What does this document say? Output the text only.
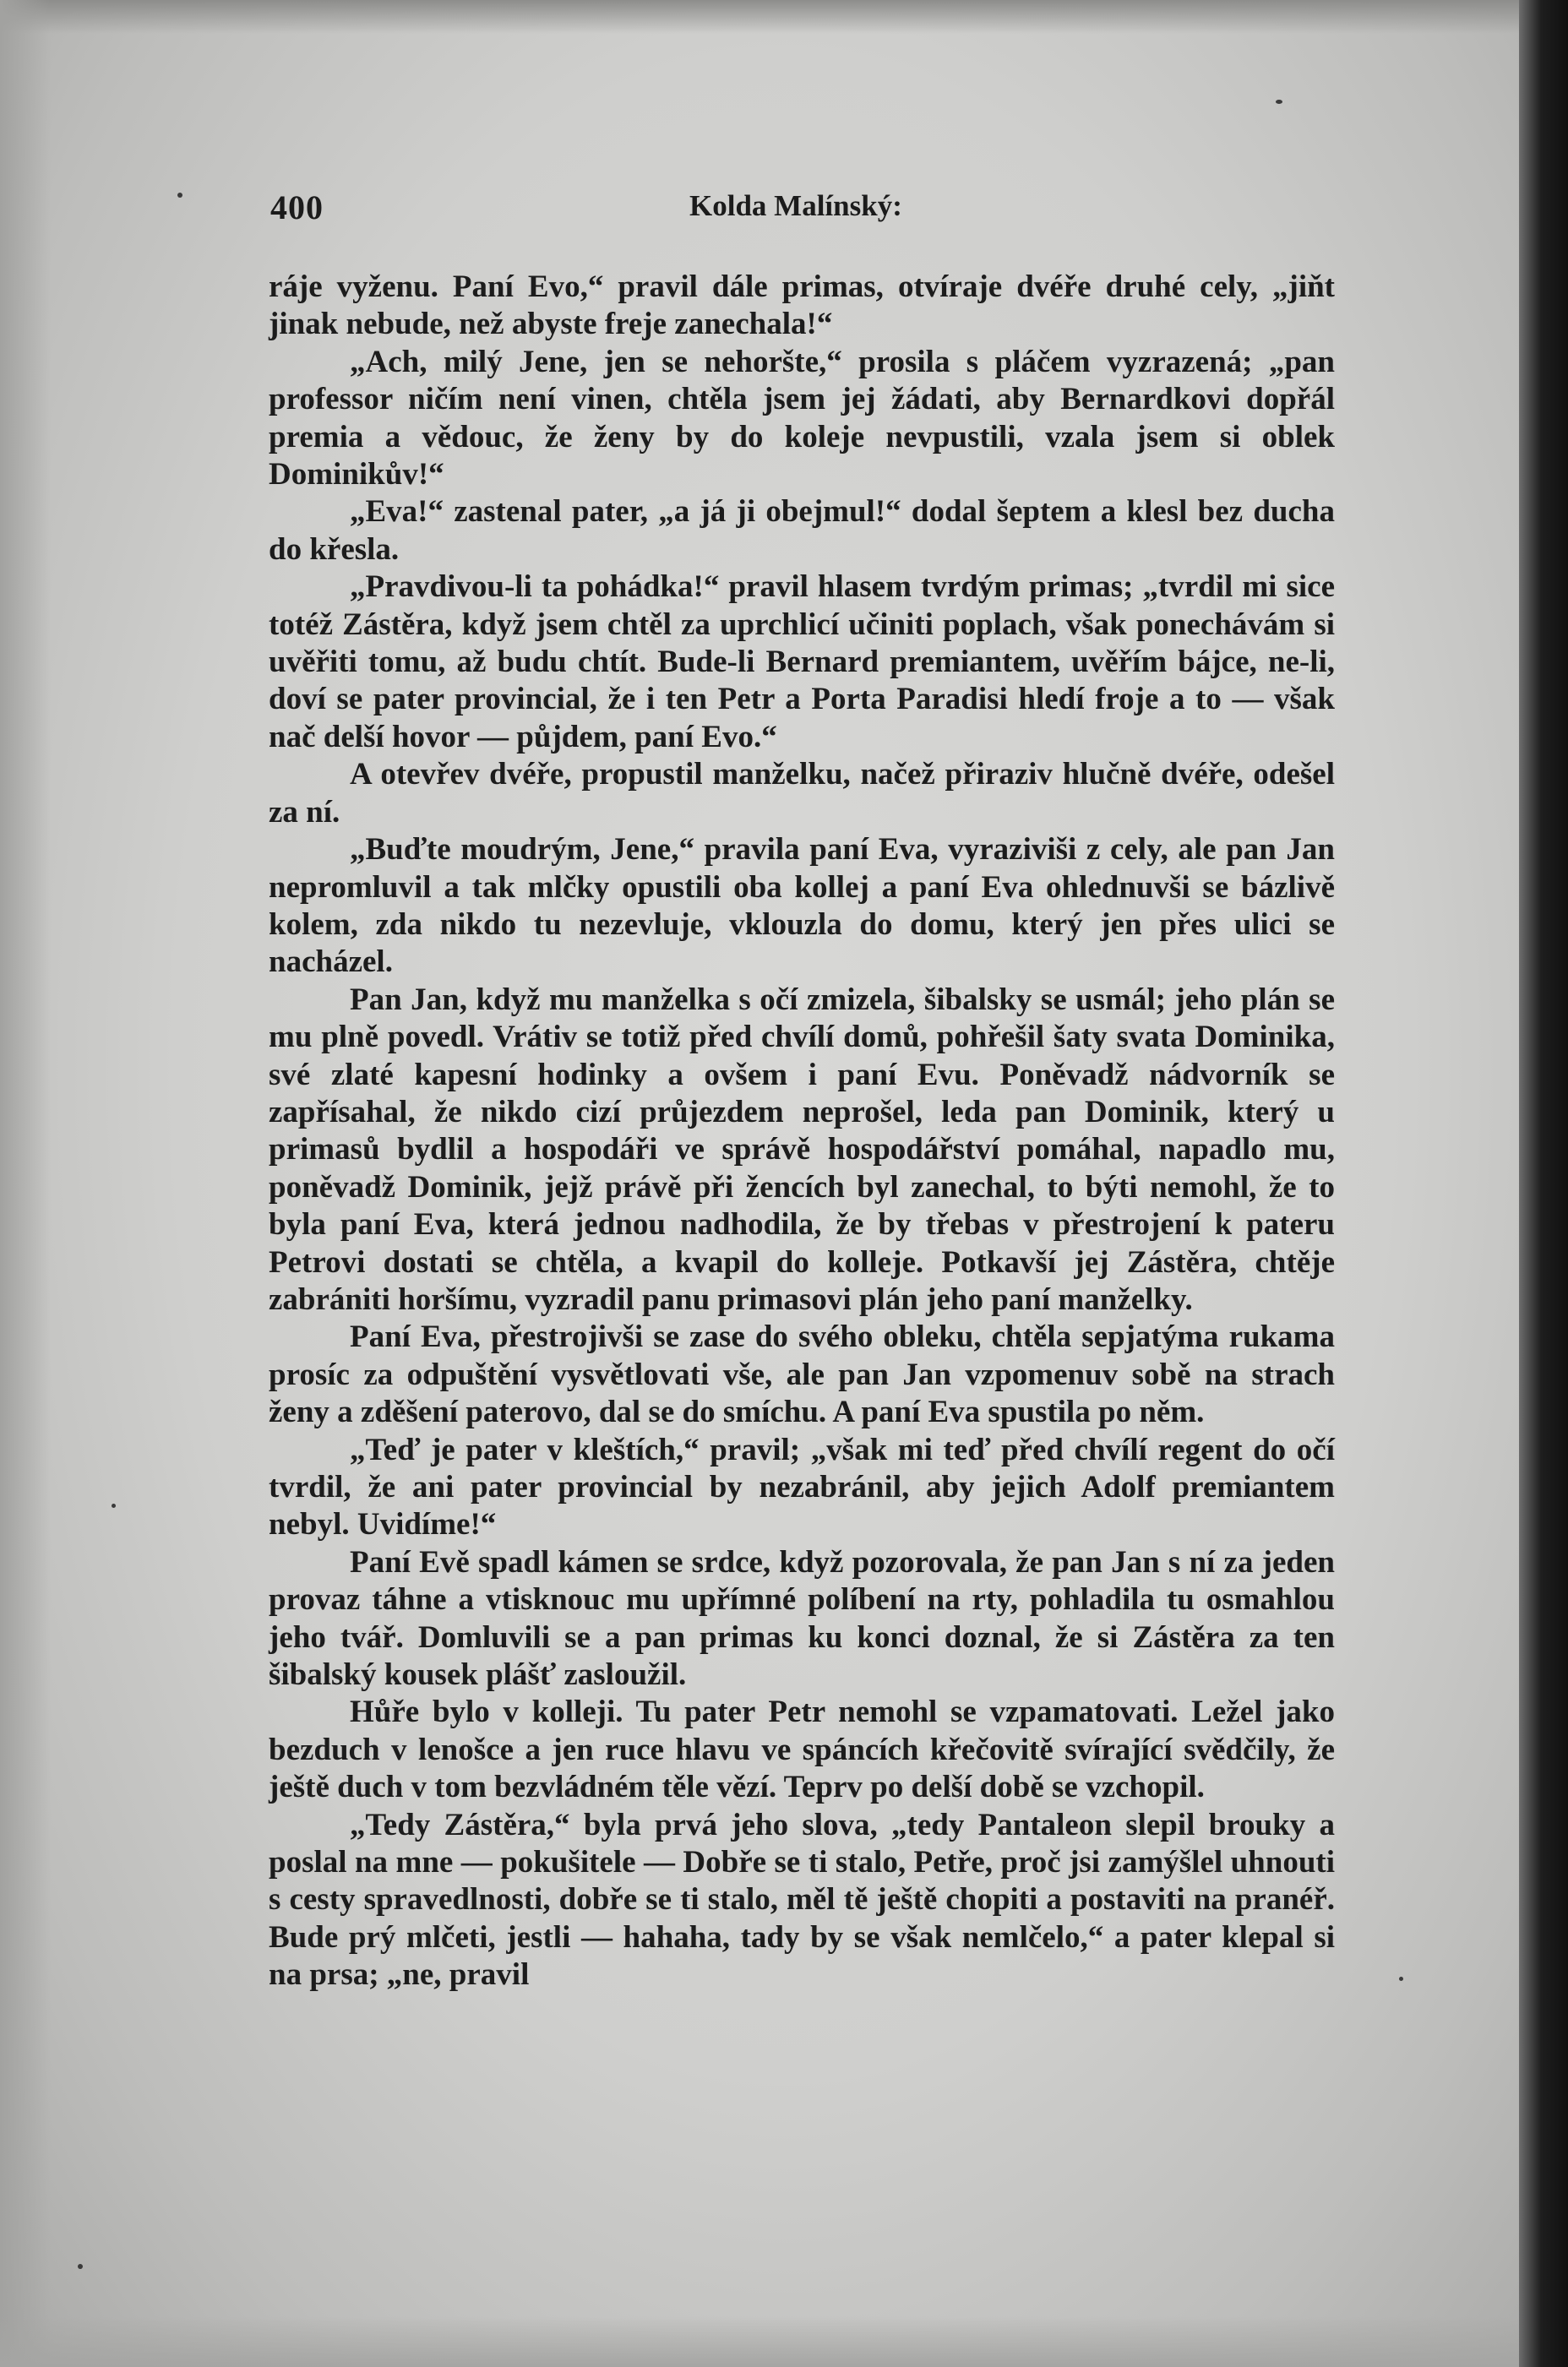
400	Kolda Malínský:

ráje vyženu. Paní Evo,“ pravil dále primas, otvíraje dvéře druhé cely, „jiňt jinak nebude, než abyste freje zanechala!“

„Ach, milý Jene, jen se nehoršte,“ prosila s pláčem vyzrazená; „pan professor ničím není vinen, chtěla jsem jej žádati, aby Bernardkovi dopřál premia a vědouc, že ženy by do koleje nevpustili, vzala jsem si oblek Dominikův!“

„Eva!“ zastenal pater, „a já ji obejmul!“ dodal šeptem a klesl bez ducha do křesla.

„Pravdivou-li ta pohádka!“ pravil hlasem tvrdým primas; „tvrdil mi sice totéž Zástěra, když jsem chtěl za uprchlicí učiniti poplach, však ponechávám si uvěřiti tomu, až budu chtít. Bude-li Bernard premiantem, uvěřím bájce, ne-li, doví se pater provincial, že i ten Petr a Porta Paradisi hledí froje a to — však nač delší hovor — půjdem, paní Evo.“

A otevřev dvéře, propustil manželku, načež přiraziv hlučně dvéře, odešel za ní.

„Buďte moudrým, Jene,“ pravila paní Eva, vyraziviši z cely, ale pan Jan nepromluvil a tak mlčky opustili oba kollej a paní Eva ohlednuvši se bázlivě kolem, zda nikdo tu nezevluje, vklouzla do domu, který jen přes ulici se nacházel.

Pan Jan, když mu manželka s očí zmizela, šibalsky se usmál; jeho plán se mu plně povedl. Vrátiv se totiž před chvílí domů, pohřešil šaty svata Dominika, své zlaté kapesní hodinky a ovšem i paní Evu. Poněvadž nádvorník se zapřísahal, že nikdo cizí průjezdem neprošel, leda pan Dominik, který u primasů bydlil a hospodáři ve správě hospodářství pomáhal, napadlo mu, poněvadž Dominik, jejž právě při žencích byl zanechal, to býti nemohl, že to byla paní Eva, která jednou nadhodila, že by třebas v přestrojení k pateru Petrovi dostati se chtěla, a kvapil do kolleje. Potkavší jej Zástěra, chtěje zabrániti horšímu, vyzradil panu primasovi plán jeho paní manželky.

Paní Eva, přestrojivši se zase do svého obleku, chtěla sepjatýma rukama prosíc za odpuštění vysvětlovati vše, ale pan Jan vzpomenuv sobě na strach ženy a zděšení paterovo, dal se do smíchu. A paní Eva spustila po něm.

„Teď je pater v kleštích,“ pravil; „však mi teď před chvílí regent do očí tvrdil, že ani pater provincial by nezabránil, aby jejich Adolf premiantem nebyl. Uvidíme!“

Paní Evě spadl kámen se srdce, když pozorovala, že pan Jan s ní za jeden provaz táhne a vtisknouc mu upřímné políbení na rty, pohladila tu osmahlou jeho tvář. Domluvili se a pan primas ku konci doznal, že si Zástěra za ten šibalský kousek plášť zasloužil.

Hůře bylo v kolleji. Tu pater Petr nemohl se vzpamatovati. Ležel jako bezduch v lenošce a jen ruce hlavu ve spáncích křečovitě svírající svědčily, že ještě duch v tom bezvládném těle vězí. Teprv po delší době se vzchopil.

„Tedy Zástěra,“ byla prvá jeho slova, „tedy Pantaleon slepil brouky a poslal na mne — pokušitele — Dobře se ti stalo, Petře, proč jsi zamýšlel uhnouti s cesty spravedlnosti, dobře se ti stalo, měl tě ještě chopiti a postaviti na pranéř. Bude prý mlčeti, jestli — hahaha, tady by se však nemlčelo,“ a pater klepal si na prsa; „ne, pravil
